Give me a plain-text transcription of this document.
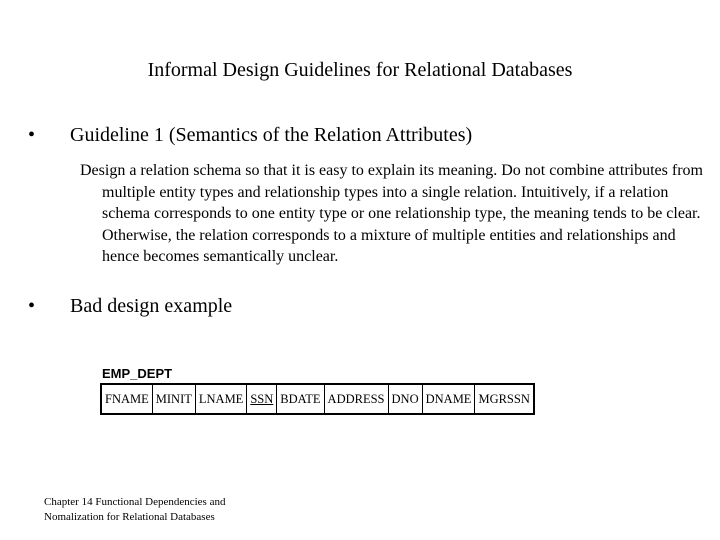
Informal Design Guidelines for Relational Databases
• Guideline 1 (Semantics of the Relation Attributes)

Design a relation schema so that it is easy to explain its meaning. Do not combine attributes from multiple entity types and relationship types into a single relation. Intuitively, if a relation schema corresponds to one entity type or one relationship type, the meaning tends to be clear. Otherwise, the relation corresponds to a mixture of multiple entities and relationships and hence becomes semantically unclear.

• Bad design example
EMP_DEPT
FNAME	MINIT	LNAME	SSN	BDATE	ADDRESS	DNO	DNAME	MGRSSN

Chapter 14 Functional Dependencies and
Nomalization for Relational Databases
